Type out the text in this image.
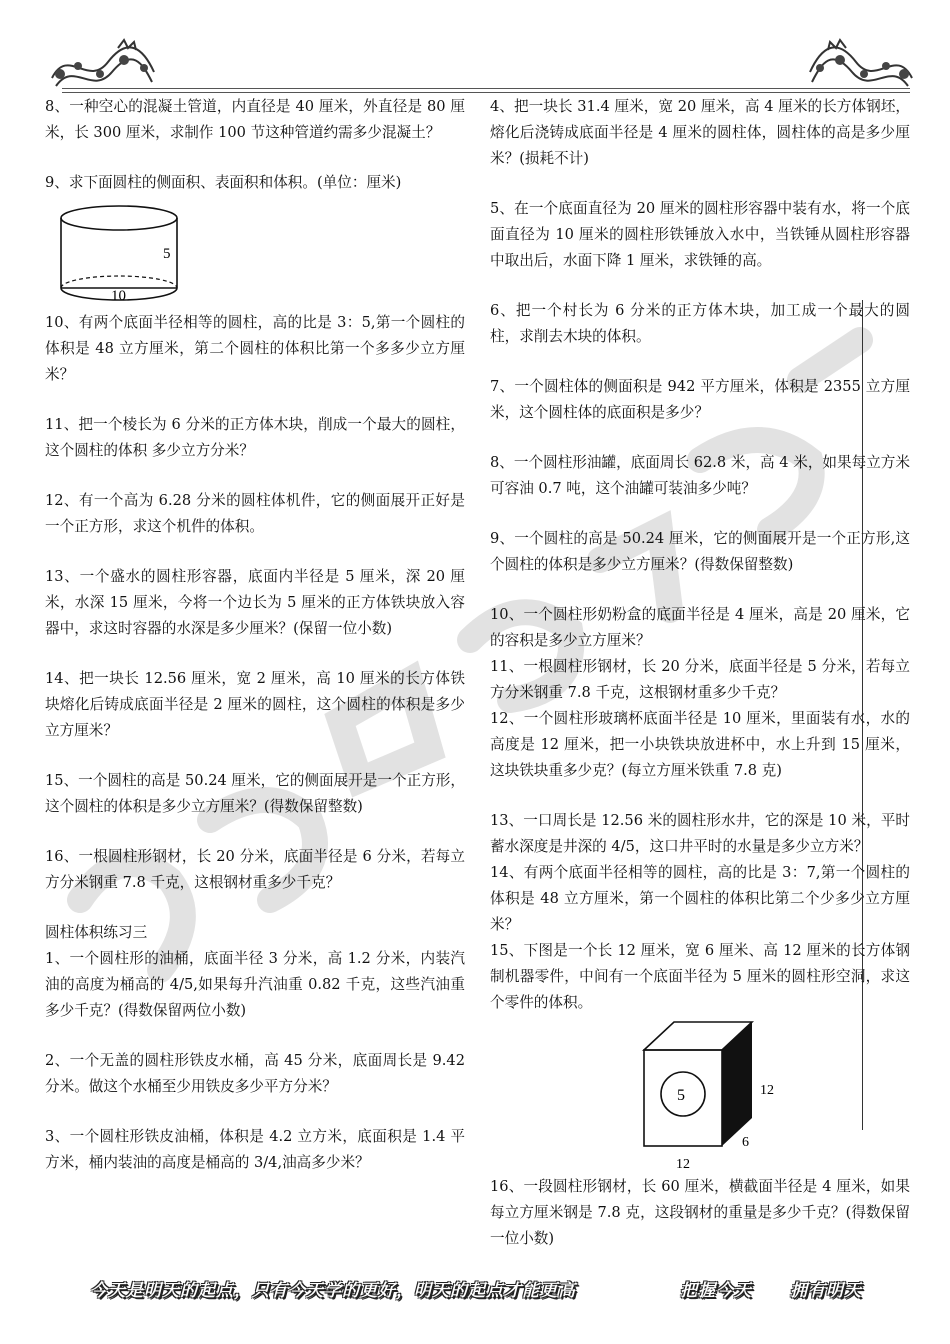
8、一种空心的混凝土管道，内直径是 40 厘米，外直径是 80 厘米，长 300 厘米，求制作 100 节这种管道约需多少混凝土？

9、求下面圆柱的侧面积、表面积和体积。(单位：厘米)

5
10

10、有两个底面半径相等的圆柱，高的比是 3：5,第一个圆柱的体积是 48 立方厘米，第二个圆柱的体积比第一个多多少立方厘米？

11、把一个棱长为 6 分米的正方体木块，削成一个最大的圆柱，这个圆柱的体积 多少立方分米？

12、有一个高为 6.28 分米的圆柱体机件，它的侧面展开正好是一个正方形，求这个机件的体积。

13、一个盛水的圆柱形容器，底面内半径是 5 厘米，深 20 厘米，水深 15 厘米，今将一个边长为 5 厘米的正方体铁块放入容器中，求这时容器的水深是多少厘米？(保留一位小数)

14、把一块长 12.56 厘米，宽 2 厘米，高 10 厘米的长方体铁块熔化后铸成底面半径是 2 厘米的圆柱，这个圆柱的体积是多少立方厘米？

15、一个圆柱的高是 50.24 厘米，它的侧面展开是一个正方形，这个圆柱的体积是多少立方厘米？(得数保留整数)

16、一根圆柱形钢材，长 20 分米，底面半径是 6 分米，若每立方分米钢重 7.8 千克，这根钢材重多少千克？

圆柱体积练习三

1、一个圆柱形的油桶，底面半径 3 分米，高 1.2 分米，内装汽油的高度为桶高的 4/5,如果每升汽油重 0.82 千克，这些汽油重多少千克？(得数保留两位小数)

2、一个无盖的圆柱形铁皮水桶，高 45 分米，底面周长是 9.42 分米。做这个水桶至少用铁皮多少平方分米？

3、一个圆柱形铁皮油桶，体积是 4.2 立方米，底面积是 1.4 平方米，桶内装油的高度是桶高的 3/4,油高多少米？

4、把一块长 31.4 厘米，宽 20 厘米，高 4 厘米的长方体钢坯，熔化后浇铸成底面半径是 4 厘米的圆柱体，圆柱体的高是多少厘米？(损耗不计)

5、在一个底面直径为 20 厘米的圆柱形容器中装有水，将一个底面直径为 10 厘米的圆柱形铁锤放入水中，当铁锤从圆柱形容器中取出后，水面下降 1 厘米，求铁锤的高。

6、把一个村长为 6 分米的正方体木块，加工成一个最大的圆柱，求削去木块的体积。

7、一个圆柱体的侧面积是 942 平方厘米，体积是 2355 立方厘米，这个圆柱体的底面积是多少？

8、一个圆柱形油罐，底面周长 62.8 米，高 4 米，如果每立方米可容油 0.7 吨，这个油罐可装油多少吨？

9、一个圆柱的高是 50.24 厘米，它的侧面展开是一个正方形,这个圆柱的体积是多少立方厘米？(得数保留整数)

10、一个圆柱形奶粉盒的底面半径是 4 厘米，高是 20 厘米，它的容积是多少立方厘米？

11、一根圆柱形钢材，长 20 分米，底面半径是 5 分米，若每立方分米钢重 7.8 千克，这根钢材重多少千克？

12、一个圆柱形玻璃杯底面半径是 10 厘米，里面装有水，水的高度是 12 厘米，把一小块铁块放进杯中，水上升到 15 厘米，这块铁块重多少克？(每立方厘米铁重 7.8 克)

13、一口周长是 12.56 米的圆柱形水井，它的深是 10 米，平时蓄水深度是井深的 4/5，这口井平时的水量是多少立方米？

14、有两个底面半径相等的圆柱，高的比是 3：7,第一个圆柱的体积是 48 立方厘米，第一个圆柱的体积比第二个少多少立方厘米？

15、下图是一个长 12 厘米，宽 6 厘米、高 12 厘米的长方体钢制机器零件，中间有一个底面半径为 5 厘米的圆柱形空洞，求这个零件的体积。

5	12
6
12

16、一段圆柱形钢材，长 60 厘米，横截面半径是 4 厘米，如果每立方厘米钢是 7.8 克，这段钢材的重量是多少千克？(得数保留一位小数)

今天是明天的起点，只有今天学的更好，明天的起点才能更高	把握今天 拥有明天
